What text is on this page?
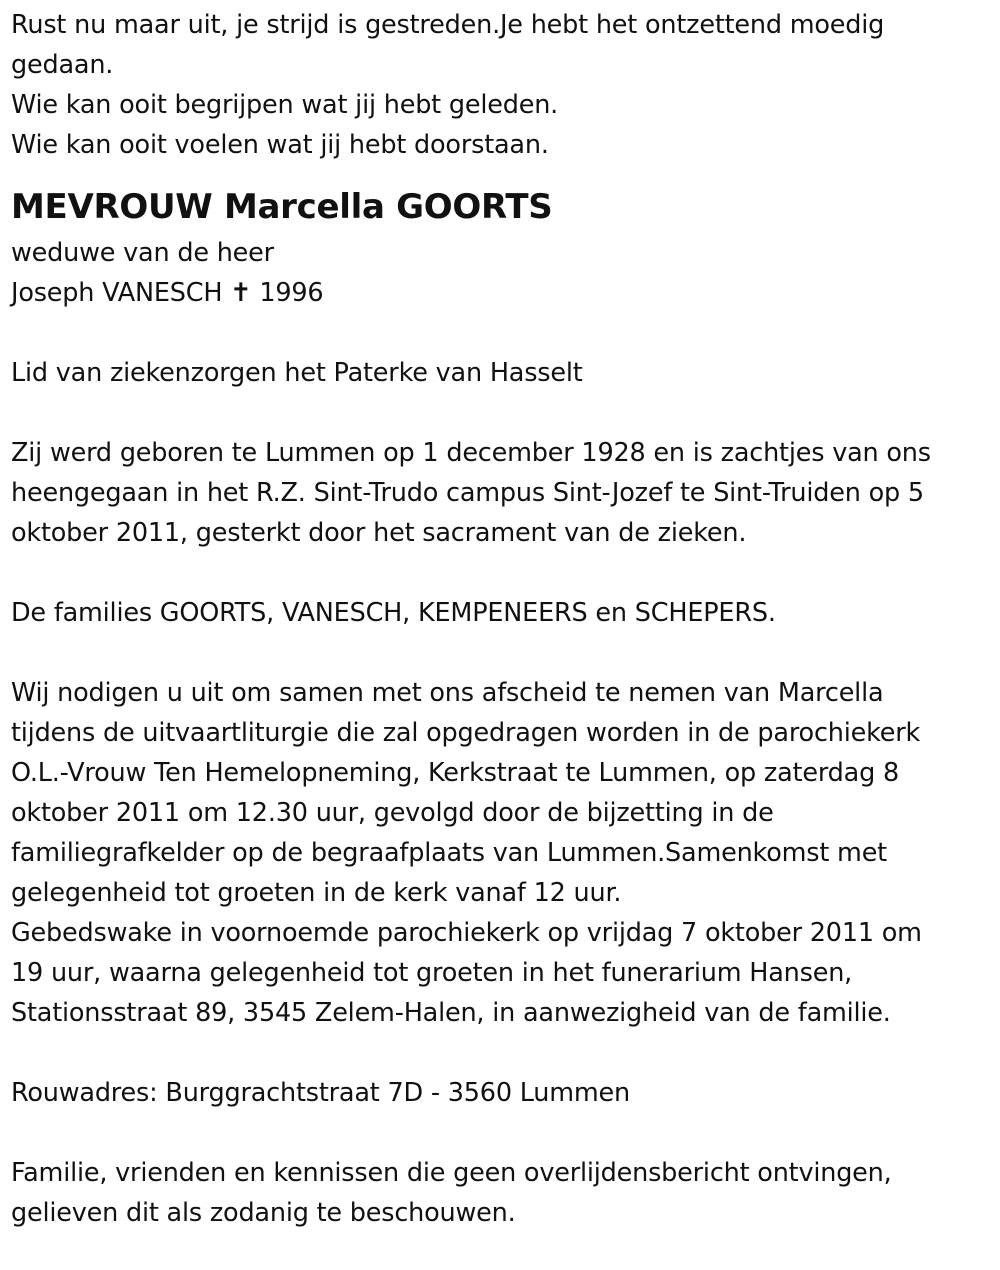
Rust nu maar uit, je strijd is gestreden.Je hebt het ontzettend moedig
gedaan.
Wie kan ooit begrijpen wat jij hebt geleden.
Wie kan ooit voelen wat jij hebt doorstaan.
MEVROUW Marcella GOORTS
weduwe van de heer
Joseph VANESCH ✝ 1996
Lid van ziekenzorgen het Paterke van Hasselt
Zij werd geboren te Lummen op 1 december 1928 en is zachtjes van ons
heengegaan in het R.Z. Sint-Trudo campus Sint-Jozef te Sint-Truiden op 5
oktober 2011, gesterkt door het sacrament van de zieken.
De families GOORTS, VANESCH, KEMPENEERS en SCHEPERS.
Wij nodigen u uit om samen met ons afscheid te nemen van Marcella
tijdens de uitvaartliturgie die zal opgedragen worden in de parochiekerk
O.L.-Vrouw Ten Hemelopneming, Kerkstraat te Lummen, op zaterdag 8
oktober 2011 om 12.30 uur, gevolgd door de bijzetting in de
familiegrafkelder op de begraafplaats van Lummen.Samenkomst met
gelegenheid tot groeten in de kerk vanaf 12 uur.
Gebedswake in voornoemde parochiekerk op vrijdag 7 oktober 2011 om
19 uur, waarna gelegenheid tot groeten in het funerarium Hansen,
Stationsstraat 89, 3545 Zelem-Halen, in aanwezigheid van de familie.
Rouwadres: Burggrachtstraat 7D - 3560 Lummen
Familie, vrienden en kennissen die geen overlijdensbericht ontvingen,
gelieven dit als zodanig te beschouwen.
